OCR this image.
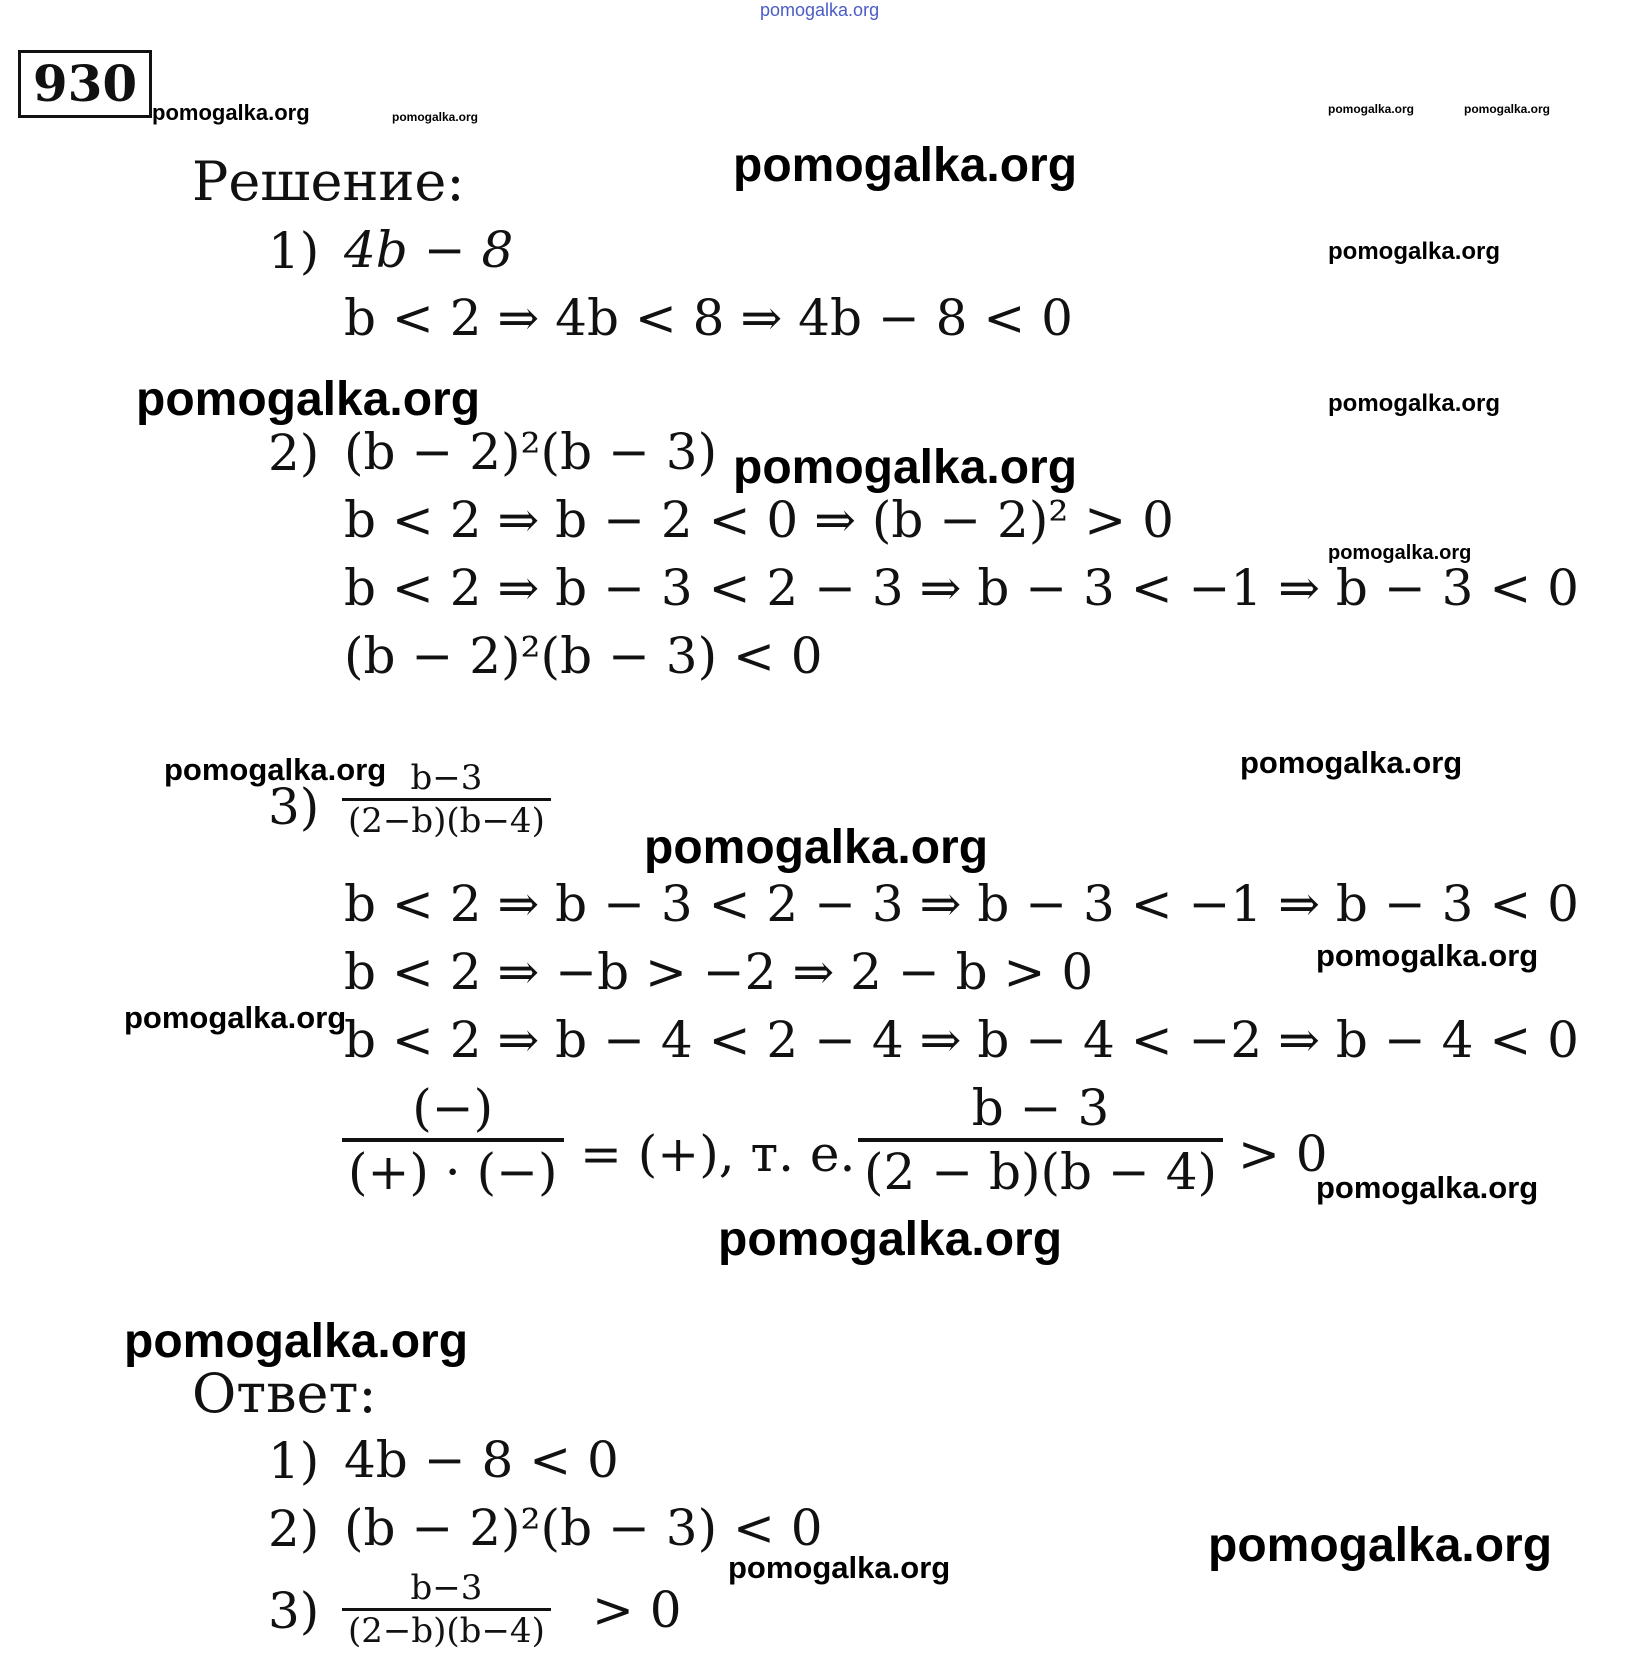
pomogalka.org
930 pomogalka.org	pomogalka.org
pomogalka.org	pomogalka.org
pomogalka.org
pomogalka.org
pomogalka.org	pomogalka.org
pomogalka.org
pomogalka.org
pomogalka.org	pomogalka.org
pomogalka.org
pomogalka.org
pomogalka.org
pomogalka.org
pomogalka.org
pomogalka.org
pomogalka.org
pomogalka.org
Решение:
1) 4b − 8
b < 2 ⇒ 4b < 8 ⇒ 4b − 8 < 0
2) (b − 2)²(b − 3)
b < 2 ⇒ b − 2 < 0 ⇒ (b − 2)² > 0
b < 2 ⇒ b − 3 < 2 − 3 ⇒ b − 3 < −1 ⇒ b − 3 < 0
(b − 2)²(b − 3) < 0
$3) \frac{b-3}{(2-b)(b-4)}$
b < 2 ⇒ b − 3 < 2 − 3 ⇒ b − 3 < −1 ⇒ b − 3 < 0
b < 2 ⇒ −b > −2 ⇒ 2 − b > 0
b < 2 ⇒ b − 4 < 2 − 4 ⇒ b − 4 < −2 ⇒ b − 4 < 0
(−)
(+) · (−) = (+), т. е. $\frac{b - 3}{(2 - b)(b - 4)} > 0$
Ответ:
1) 4b − 8 < 0
2) (b − 2)²(b − 3) < 0
$3) \frac{b-3}{(2-b)(b-4)} > 0$
